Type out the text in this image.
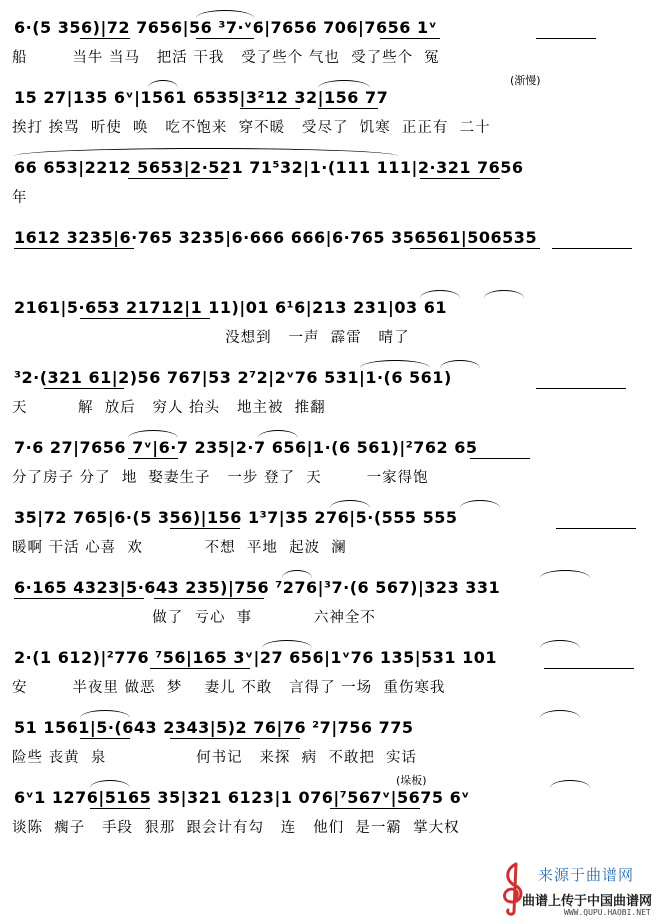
6·(5 356)|72 7656|56 ³7·ᵛ6|7656 706|7656 1ᵛ
船        当牛 当马   把活 干我   受了些个 气也  受了些个  冤
(渐慢)
15 27|135 6ᵛ|1561 6535|3²12 32|156 77
挨打 挨骂  听使  唤   吃不饱来  穿不暖   受尽了  饥寒  正正有  二十
66 653|2212 5653|2·521 71⁵32|1·(111 111|2·321 7656
年
1612 3235|6·765 3235|6·666 666|6·765 356561|506535
2161|5·653 21712|1 11)|01 6¹6|213 231|03 61
没想到   一声  霹雷   晴了
³2·(321 61|2)56 767|53 2⁷2|2ᵛ76 531|1·(6 561)
天         解  放后   穷人 抬头   地主被  推翻
7·6 27|7656 7ᵛ|6·7 235|2·7 656|1·(6 561)|²762 65
分了房子 分了  地  娶妻生子   一步 登了  天        一家得饱
35|72 765|6·(5 356)|156 1³7|35 276|5·(555 555
暖啊 干活 心喜  欢           不想  平地  起波  澜
6·165 4323|5·643 235)|756 ⁷276|³7·(6 567)|323 331
做了  亏心  事           六神全不
2·(1 612)|²776 ⁷56|165 3ᵛ|27 656|1ᵛ76 135|531 101
安        半夜里 做恶  梦    妻儿 不敢   言得了 一场  重伤寒我
51 1561|5·(643 2343|5)2 76|76 ²7|756 775
险些 丧黄  泉                何书记   来探  病  不敢把  实话
(垛板)
6ᵛ1 1276|5165 35|321 6123|1 076|⁷567ᵛ|5675 6ᵛ
谈陈  瘸子   手段  狠那  跟会计有勾   连   他们  是一霸  掌大权
来源于曲谱网
曲谱上传于中国曲谱网
WWW.QUPU.HAOBI.NET
